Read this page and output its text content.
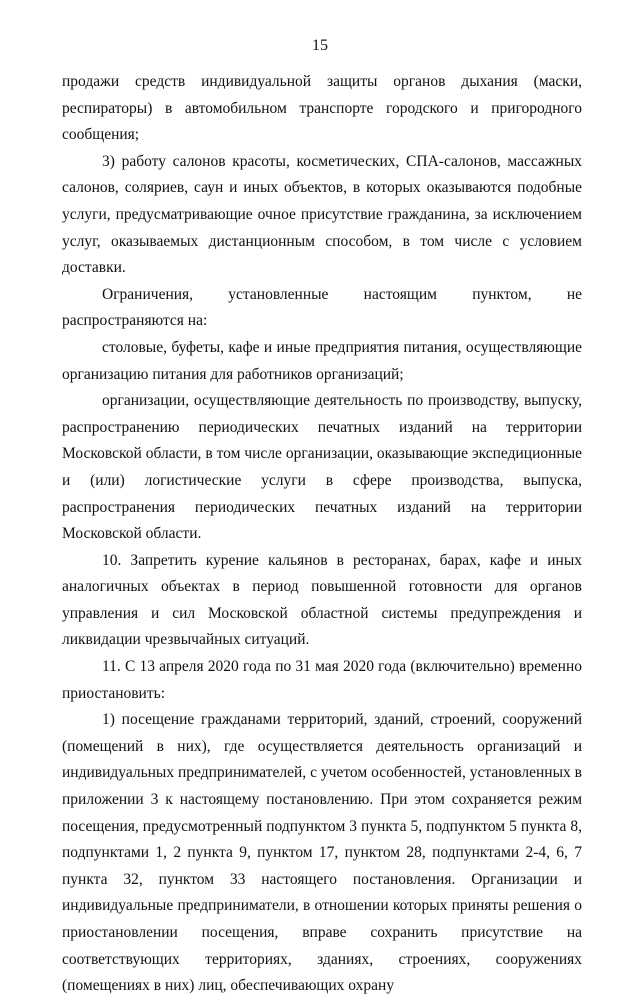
15

продажи средств индивидуальной защиты органов дыхания (маски, респираторы) в автомобильном транспорте городского и пригородного сообщения;

3) работу салонов красоты, косметических, СПА-салонов, массажных салонов, соляриев, саун и иных объектов, в которых оказываются подобные услуги, предусматривающие очное присутствие гражданина, за исключением услуг, оказываемых дистанционным способом, в том числе с условием доставки.

Ограничения, установленные настоящим пунктом, не распространяются на:

столовые, буфеты, кафе и иные предприятия питания, осуществляющие организацию питания для работников организаций;

организации, осуществляющие деятельность по производству, выпуску, распространению периодических печатных изданий на территории Московской области, в том числе организации, оказывающие экспедиционные и (или) логистические услуги в сфере производства, выпуска, распространения периодических печатных изданий на территории Московской области.

10. Запретить курение кальянов в ресторанах, барах, кафе и иных аналогичных объектах в период повышенной готовности для органов управления и сил Московской областной системы предупреждения и ликвидации чрезвычайных ситуаций.

11. С 13 апреля 2020 года по 31 мая 2020 года (включительно) временно приостановить:

1) посещение гражданами территорий, зданий, строений, сооружений (помещений в них), где осуществляется деятельность организаций и индивидуальных предпринимателей, с учетом особенностей, установленных в приложении 3 к настоящему постановлению. При этом сохраняется режим посещения, предусмотренный подпунктом 3 пункта 5, подпунктом 5 пункта 8, подпунктами 1, 2 пункта 9, пунктом 17, пунктом 28, подпунктами 2-4, 6, 7 пункта 32, пунктом 33 настоящего постановления. Организации и индивидуальные предприниматели, в отношении которых приняты решения о приостановлении посещения, вправе сохранить присутствие на соответствующих территориях, зданиях, строениях, сооружениях (помещениях в них) лиц, обеспечивающих охрану
